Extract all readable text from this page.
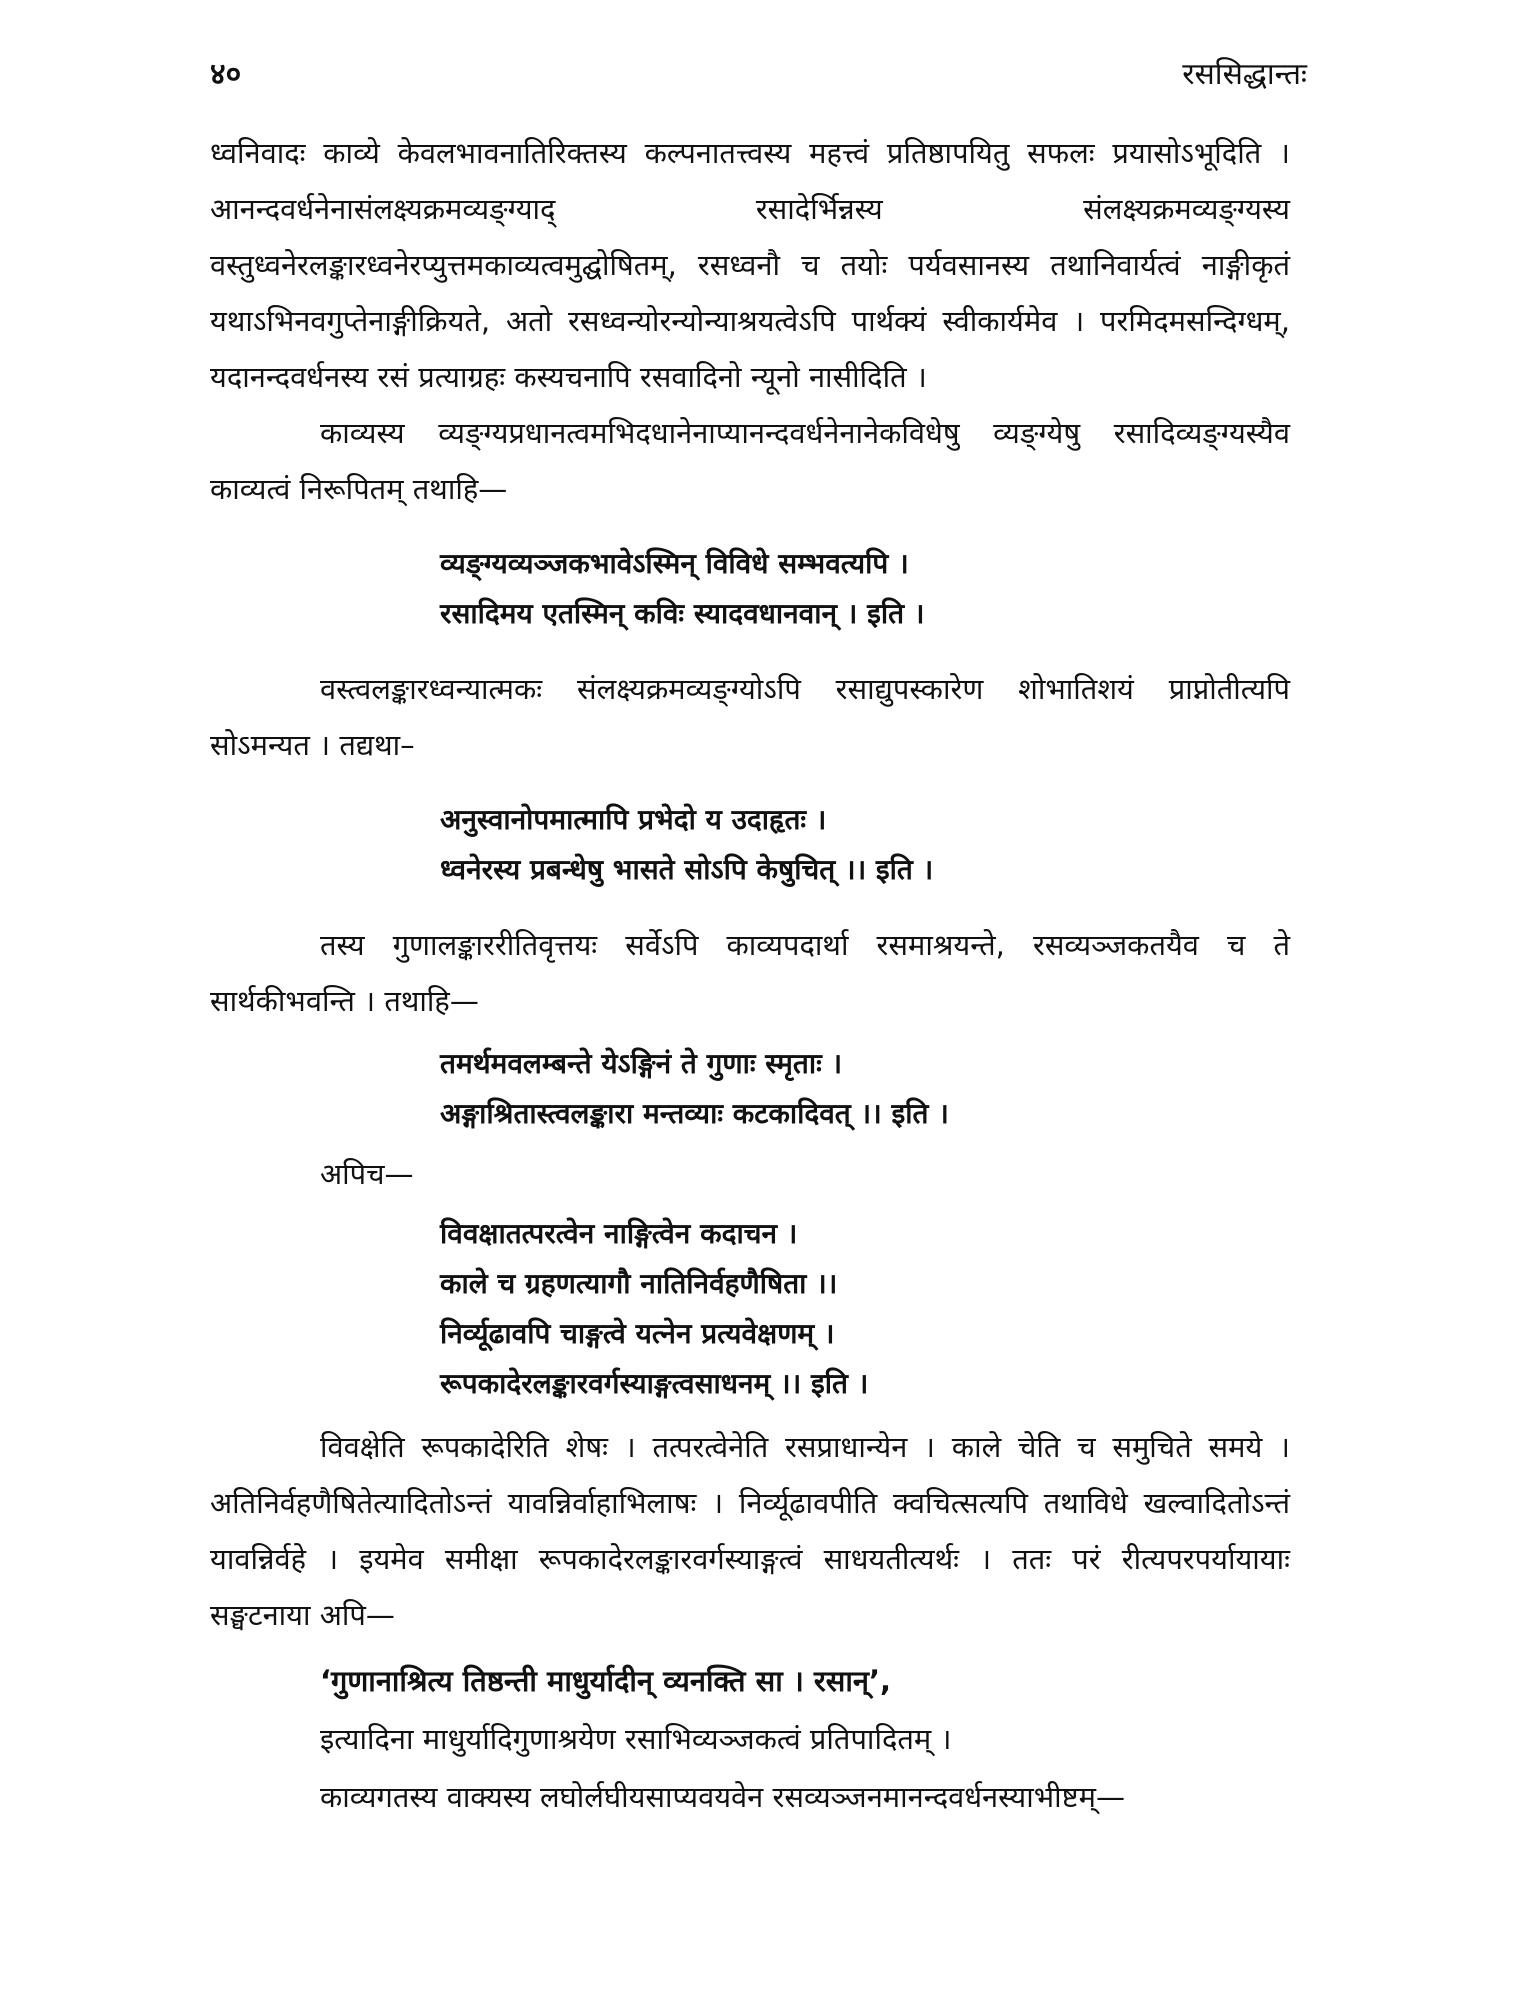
४०	रससिद्धान्तः

ध्वनिवादः काव्ये केवलभावनातिरिक्तस्य कल्पनातत्त्वस्य महत्त्वं प्रतिष्ठापयितु सफलः प्रयासोऽभूदिति । आनन्दवर्धनेनासंलक्ष्यक्रमव्यङ्ग्याद् रसादेर्भिन्नस्य संलक्ष्यक्रमव्यङ्ग्यस्य वस्तुध्वनेरलङ्कारध्वनेरप्युत्तमकाव्यत्वमुद्घोषितम्, रसध्वनौ च तयोः पर्यवसानस्य तथानिवार्यत्वं नाङ्गीकृतं यथाऽभिनवगुप्तेनाङ्गीक्रियते, अतो रसध्वन्योरन्योन्याश्रयत्वेऽपि पार्थक्यं स्वीकार्यमेव । परमिदमसन्दिग्धम्, यदानन्दवर्धनस्य रसं प्रत्याग्रहः कस्यचनापि रसवादिनो न्यूनो नासीदिति ।

काव्यस्य व्यङ्ग्यप्रधानत्वमभिदधानेनाप्यानन्दवर्धनेनानेकविधेषु व्यङ्ग्येषु रसादिव्यङ्ग्यस्यैव काव्यत्वं निरूपितम् तथाहि—

व्यङ्ग्यव्यञ्जकभावेऽस्मिन् विविधे सम्भवत्यपि ।
रसादिमय एतस्मिन् कविः स्यादवधानवान् । इति ।

वस्त्वलङ्कारध्वन्यात्मकः संलक्ष्यक्रमव्यङ्ग्योऽपि रसाद्युपस्कारेण शोभातिशयं प्राप्नोतीत्यपि सोऽमन्यत । तद्यथा–

अनुस्वानोपमात्मापि प्रभेदो य उदाहृतः ।
ध्वनेरस्य प्रबन्धेषु भासते सोऽपि केषुचित् ।। इति ।

तस्य गुणालङ्काररीतिवृत्तयः सर्वेऽपि काव्यपदार्था रसमाश्रयन्ते, रसव्यञ्जकतयैव च ते सार्थकीभवन्ति । तथाहि—

तमर्थमवलम्बन्ते येऽङ्गिनं ते गुणाः स्मृताः ।
अङ्गाश्रितास्त्वलङ्कारा मन्तव्याः कटकादिवत् ।। इति ।

अपिच—

विवक्षातत्परत्वेन नाङ्गित्वेन कदाचन ।
काले च ग्रहणत्यागौ नातिनिर्वहणैषिता ।।
निर्व्यूढावपि चाङ्गत्वे यत्नेन प्रत्यवेक्षणम् ।
रूपकादेरलङ्कारवर्गस्याङ्गत्वसाधनम् ।। इति ।

विवक्षेति रूपकादेरिति शेषः । तत्परत्वेनेति रसप्राधान्येन । काले चेति च समुचिते समये । अतिनिर्वहणैषितेत्यादितोऽन्तं यावन्निर्वाहाभिलाषः । निर्व्यूढावपीति क्वचित्सत्यपि तथाविधे खल्वादितोऽन्तं यावन्निर्वहे । इयमेव समीक्षा रूपकादेरलङ्कारवर्गस्याङ्गत्वं साधयतीत्यर्थः । ततः परं रीत्यपरपर्यायायाः सङ्घटनाया अपि—

‘गुणानाश्रित्य तिष्ठन्ती माधुर्यादीन् व्यनक्ति सा । रसान्’,

इत्यादिना माधुर्यादिगुणाश्रयेण रसाभिव्यञ्जकत्वं प्रतिपादितम् ।

काव्यगतस्य वाक्यस्य लघोर्लघीयसाप्यवयवेन रसव्यञ्जनमानन्दवर्धनस्याभीष्टम्—
